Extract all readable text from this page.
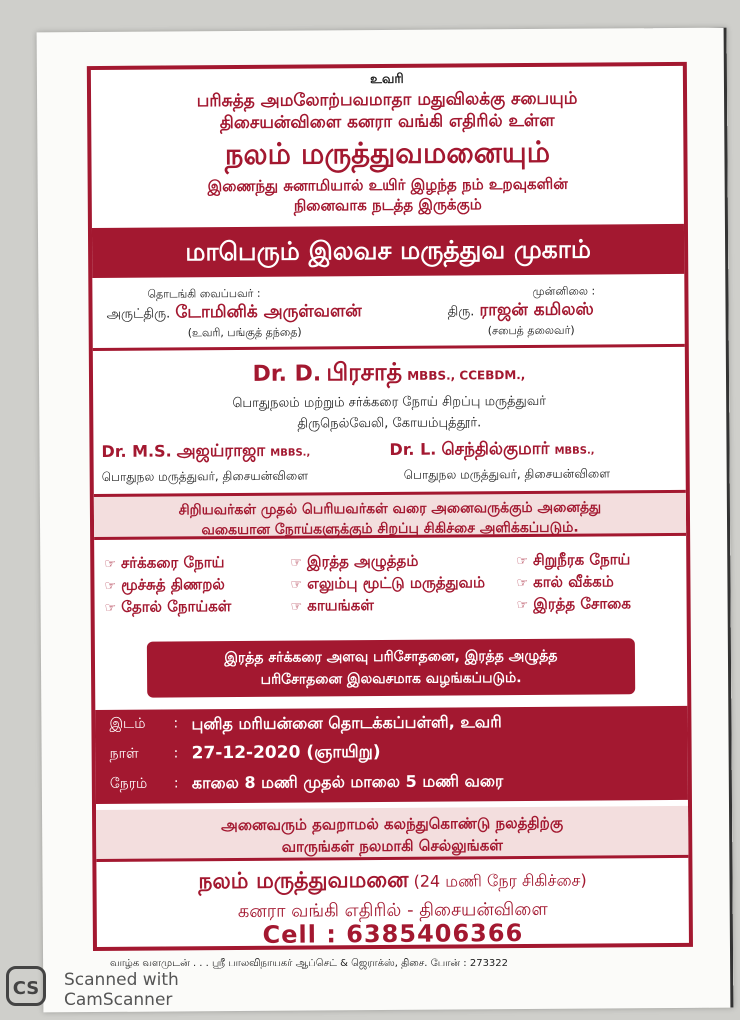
உவரி
பரிசுத்த அமலோற்பவமாதா மதுவிலக்கு சபையும்
திசையன்விளை கனரா வங்கி எதிரில் உள்ள
நலம் மருத்துவமனையும்
இணைந்து சுனாமியால் உயிர் இழந்த நம் உறவுகளின்
நினைவாக நடத்த இருக்கும்
மாபெரும் இலவச மருத்துவ முகாம்
தொடங்கி வைப்பவர் :
அருட்திரு. டோமினிக் அருள்வளன்
(உவரி, பங்குத் தந்தை)
முன்னிலை :
திரு. ராஜன் கமிலஸ்
(சபைத் தலைவர்)
Dr. D. பிரசாத் MBBS., CCEBDM.,
பொதுநலம் மற்றும் சர்க்கரை நோய் சிறப்பு மருத்துவர்
திருநெல்வேலி, கோயம்புத்தூர்.
Dr. M.S. அஜய்ராஜா MBBS.,
பொதுநல மருத்துவர், திசையன்விளை
Dr. L. செந்தில்குமார் MBBS.,
பொதுநல மருத்துவர், திசையன்விளை
சிறியவர்கள் முதல் பெரியவர்கள் வரை அனைவருக்கும் அனைத்து
வகையான நோய்களுக்கும் சிறப்பு சிகிச்சை அளிக்கப்படும்.
☞ சர்க்கரை நோய்
☞ மூச்சுத் திணறல்
☞ தோல் நோய்கள்
☞ இரத்த அழுத்தம்
☞ எலும்பு மூட்டு மருத்துவம்
☞ காயங்கள்
☞ சிறுநீரக நோய்
☞ கால் வீக்கம்
☞ இரத்த சோகை
இரத்த சர்க்கரை அளவு பரிசோதனை, இரத்த அழுத்த
பரிசோதனை இலவசமாக வழங்கப்படும்.
இடம் : புனித மரியன்னை தொடக்கப்பள்ளி, உவரி
நாள் : 27-12-2020 (ஞாயிறு)
நேரம் : காலை 8 மணி முதல் மாலை 5 மணி வரை
அனைவரும் தவறாமல் கலந்துகொண்டு நலத்திற்கு
வாருங்கள் நலமாகி செல்லுங்கள்
நலம் மருத்துவமனை (24 மணி நேர சிகிச்சை)
கனரா வங்கி எதிரில் - திசையன்விளை
Cell : 6385406366
வாழ்க வளமுடன் . . . ஸ்ரீ பாலவிநாயகர் ஆப்செட் & ஜெராக்ஸ், திசை. போன் : 273322
CS	Scanned with
CamScanner
